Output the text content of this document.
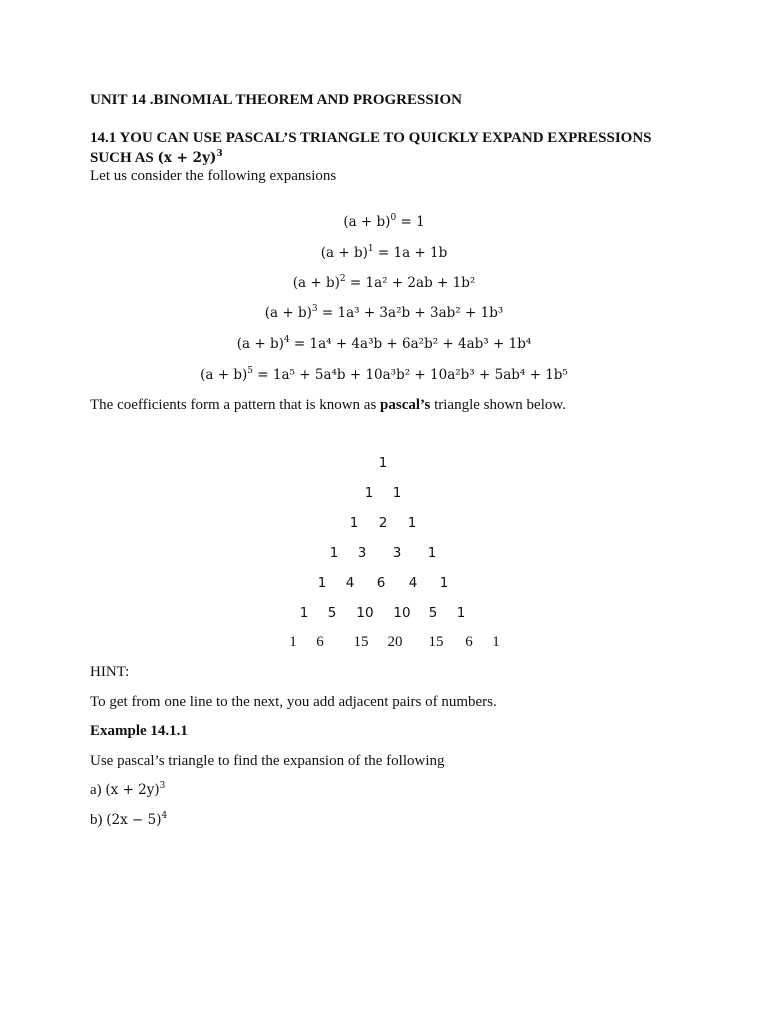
UNIT 14 .BINOMIAL THEOREM AND PROGRESSION
14.1 YOU CAN USE PASCAL’S TRIANGLE TO QUICKLY EXPAND EXPRESSIONS
SUCH AS $(x + 2y)^3$
Let us consider the following expansions
$(a + b)^0 = 1$
$(a + b)^1 = 1a + 1b$
$(a + b)^2 = 1a^2 + 2ab + 1b^2$
$(a + b)^3 = 1a^3 + 3a^2b + 3ab^2 + 1b^3$
$(a + b)^4 = 1a^4 + 4a^3b + 6a^2b^2 + 4ab^3 + 1b^4$
$(a + b)^5 = 1a^5 + 5a^4b + 10a^3b^2 + 10a^2b^3 + 5ab^4 + 1b^5$
The coefficients form a pattern that is known as pascal’s triangle shown below.
1
1 1
1 2 1
1 3 3 1
1 4 6 4 1
1 5 10 10 5 1
1 6 15 20 15 6 1
HINT:
To get from one line to the next, you add adjacent pairs of numbers.
Example 14.1.1
Use pascal’s triangle to find the expansion of the following
a) $(x + 2y)^3$
b) $(2x - 5)^4$
